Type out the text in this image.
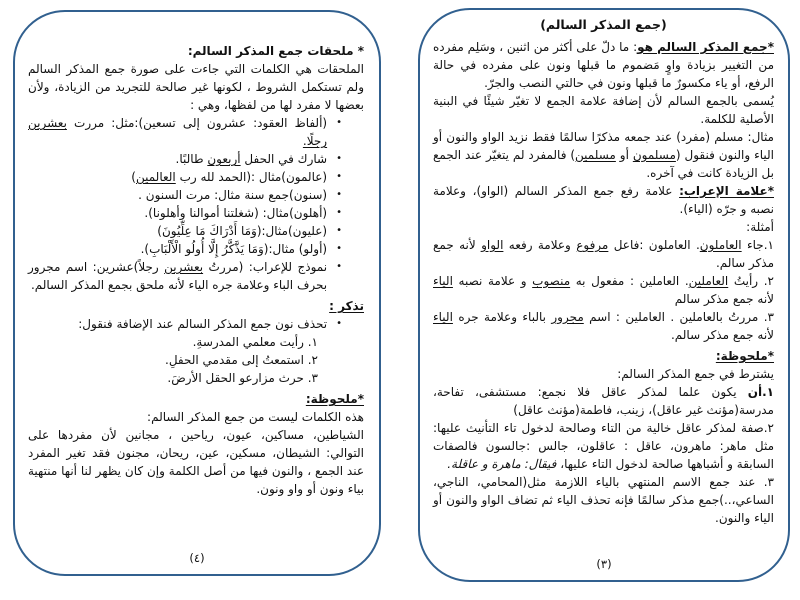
* ملحقات جمع المذكر السالم:
الملحقات هي الكلمات التي جاءت على صورة جمع المذكر السالم ولم تستكمل الشروط ، لكونها غير صالحة للتجريد من الزيادة، ولأن بعضها لا مفرد لها من لفظها، وهي :
•
(ألفاظ العقود: عشرون إلى تسعين):مثل: مررت بعشرين رجلًا.
•
شارك في الحفل أربعون طالبًا.
•
(عالمون)مثال :(الحمد لله رب العالمين)
•
(سنون)جمع سنة مثال: مرت السنون .
•
(أهلون)مثال: (شغلتنا أموالنا وأهلونا).
•
(عليون)مثال:(وَمَا أَدْرَاكَ مَا عِلِّيُونَ)
•
(أولو) مثال:(وَمَا يَذَّكَّرُ إِلَّا أُولُو الْأَلْبَابِ).
•
نموذج للإعراب: (مررتُ بعشرين رجلاً)عشرين: اسم مجرور بحرف الباء وعلامة جره الياء لأنه ملحق بجمع المذكر السالم.
تذكر :
•
تحذف نون جمع المذكر السالم عند الإضافة فنقول:
١. رأيت معلمي المدرسةِ.
٢. استمعتُ إلى مقدمي الحفلِ.
٣. حرث مزارعو الحقل الأرضَ.
*ملحوظة:
هذه الكلمات ليست من جمع المذكر السالم:
الشياطين، مساكين، عيون، رياحين ، مجانين لأن مفردها على التوالي: الشيطان، مسكين، عين، ريحان، مجنون فقد تغير المفرد عند الجمع ، والنون فيها من أصل الكلمة وإن كان يظهر لنا أنها منتهية بياء ونون أو واو ونون.
(٤)
(جمع المذكر السالم)
*جمع المذكر السالم هو: ما دلّ على أكثر من اثنين ، وسَلِم مفرده من التغيير بزيادة واوٍ مَضموم ما قبلها ونون على مفرده في حالة الرفع، أو ياء مكسورٌ ما قبلها ونون في حالتي النصب والجرّ.
يُسمى بالجمع السالم لأن إضافة علامة الجمع لا تغيّر شيئًا في البنية الأصلية للكلمة.
مثال: مسلم (مفرد) عند جمعه مذكرًا سالمًا فقط نزيد الواو والنون أو الياء والنون فنقول (مسلمون أو مسلمين) فالمفرد لم يتغيّر عند الجمع بل الزيادة كانت في آخره.
*علامة الإعراب: علامة رفع جمع المذكر السالم (الواو)، وعلامة نصبه و جرّه (الياء).
أمثلة:
١.جاء العاملون. العاملون :فاعل مرفوع وعلامة رفعه الواو لأنه جمع مذكر سالم.
٢. رأيتُ العاملين. العاملين : مفعول به منصوب و علامة نصبه الياء لأنه جمع مذكر سالم
٣. مررتُ بالعاملين . العاملين : اسم مجرور بالباء وعلامة جره الياء لأنه جمع مذكر سالم.
*ملحوظة:
يشترط في جمع المذكر السالم:
١.أن يكون علما لمذكر عاقل فلا نجمع: مستشفى، تفاحة، مدرسة(مؤنث غير عاقل)، زينب، فاطمة(مؤنث عاقل)
٢.صفة لمذكر عاقل خالية من التاء وصالحة لدخول تاء التأنيث عليها: مثل ماهر: ماهرون، عاقل : عاقلون، جالس :جالسون فالصفات السابقة و أشباهها صالحة لدخول التاء عليها، فيقال: ماهرة و عاقلة.
٣. عند جمع الاسم المنتهي بالياء اللازمة مثل(المحامي، الناجي، الساعي،..)جمع مذكر سالمًا فإنه تحذف الياء ثم تضاف الواو والنون أو الياء والنون.
(٣)
